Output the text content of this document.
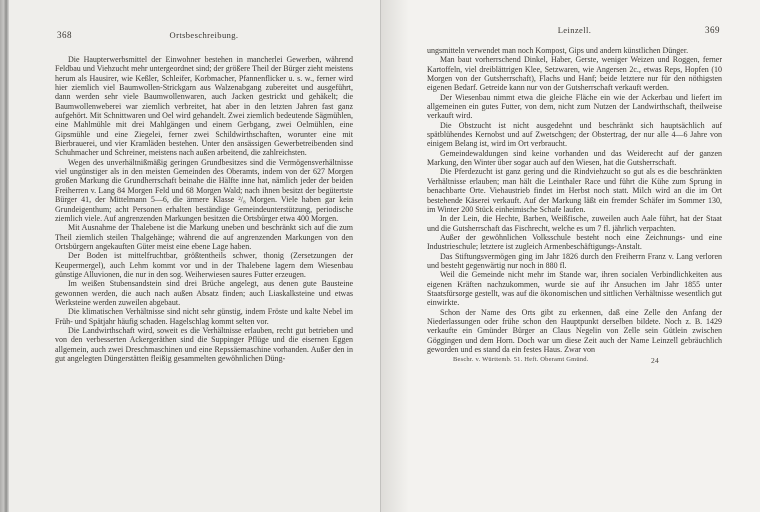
368	Ortsbeschreibung.

Die Haupterwerbsmittel der Einwohner bestehen in mancherlei Gewerben, während Feldbau und Viehzucht mehr untergeordnet sind; der größere Theil der Bürger zieht meistens herum als Hausirer, wie Keßler, Schleifer, Korbmacher, Pfannenflicker u. s. w., ferner wird hier ziemlich viel Baumwollen-Strickgarn aus Walzenabgang zubereitet und ausgeführt, dann werden sehr viele Baumwollenwaren, auch Jacken gestrickt und gehäkelt; die Baumwollenweberei war ziemlich verbreitet, hat aber in den letzten Jahren fast ganz aufgehört. Mit Schnittwaren und Oel wird gehandelt. Zwei ziemlich bedeutende Sägmühlen, eine Mahlmühle mit drei Mahlgängen und einem Gerbgang, zwei Oelmühlen, eine Gipsmühle und eine Ziegelei, ferner zwei Schildwirthschaften, worunter eine mit Bierbrauerei, und vier Kramläden bestehen. Unter den ansässigen Gewerbetreibenden sind Schuhmacher und Schreiner, meistens nach außen arbeitend, die zahlreichsten.

Wegen des unverhältnißmäßig geringen Grundbesitzes sind die Vermögensverhältnisse viel ungünstiger als in den meisten Gemeinden des Oberamts, indem von der 627 Morgen großen Markung die Grundherrschaft beinahe die Hälfte inne hat, nämlich jeder der beiden Freiherren v. Lang 84 Morgen Feld und 68 Morgen Wald; nach ihnen besitzt der begütertste Bürger 41, der Mittelmann 5—6, die ärmere Klasse ²/₈ Morgen. Viele haben gar kein Grundeigenthum; acht Personen erhalten beständige Gemeindeunterstützung, periodische ziemlich viele. Auf angrenzenden Markungen besitzen die Ortsbürger etwa 400 Morgen.

Mit Ausnahme der Thalebene ist die Markung uneben und beschränkt sich auf die zum Theil ziemlich steilen Thalgehänge; während die auf angrenzenden Markungen von den Ortsbürgern angekauften Güter meist eine ebene Lage haben.

Der Boden ist mittelfruchtbar, größtentheils schwer, thonig (Zersetzungen der Keupermergel), auch Lehm kommt vor und in der Thalebene lagern dem Wiesenbau günstige Alluvionen, die nur in den sog. Weiherwiesen saures Futter erzeugen.

Im weißen Stubensandstein sind drei Brüche angelegt, aus denen gute Bausteine gewonnen werden, die auch nach außen Absatz finden; auch Liaskalksteine und etwas Werksteine werden zuweilen abgebaut.

Die klimatischen Verhältnisse sind nicht sehr günstig, indem Fröste und kalte Nebel im Früh- und Spätjahr häufig schaden. Hagelschlag kommt selten vor.

Die Landwirthschaft wird, soweit es die Verhältnisse erlauben, recht gut betrieben und von den verbesserten Ackergeräthen sind die Suppinger Pflüge und die eisernen Eggen allgemein, auch zwei Dreschmaschinen und eine Repssäemaschine vorhanden. Außer den in gut angelegten Düngerstätten fleißig gesammelten gewöhnlichen Düng-

Leinzell.	369

ungsmitteln verwendet man noch Kompost, Gips und andern künstlichen Dünger.

Man baut vorherrschend Dinkel, Haber, Gerste, weniger Weizen und Roggen, ferner Kartoffeln, viel dreiblättrigen Klee, Setzwaren, wie Angersen 2c., etwas Reps, Hopfen (10 Morgen von der Gutsherrschaft), Flachs und Hanf; beide letztere nur für den nöthigsten eigenen Bedarf. Getreide kann nur von der Gutsherrschaft verkauft werden.

Der Wiesenbau nimmt etwa die gleiche Fläche ein wie der Ackerbau und liefert im allgemeinen ein gutes Futter, von dem, nicht zum Nutzen der Landwirthschaft, theilweise verkauft wird.

Die Obstzucht ist nicht ausgedehnt und beschränkt sich hauptsächlich auf spätblühendes Kernobst und auf Zwetschgen; der Obstertrag, der nur alle 4—6 Jahre von einigem Belang ist, wird im Ort verbraucht.

Gemeindewaldungen sind keine vorhanden und das Weiderecht auf der ganzen Markung, den Winter über sogar auch auf den Wiesen, hat die Gutsherrschaft.

Die Pferdezucht ist ganz gering und die Rindviehzucht so gut als es die beschränkten Verhältnisse erlauben; man hält die Leinthaler Race und führt die Kühe zum Sprung in benachbarte Orte. Viehaustrieb findet im Herbst noch statt. Milch wird an die im Ort bestehende Käserei verkauft. Auf der Markung läßt ein fremder Schäfer im Sommer 130, im Winter 200 Stück einheimische Schafe laufen.

In der Lein, die Hechte, Barben, Weißfische, zuweilen auch Aale führt, hat der Staat und die Gutsherrschaft das Fischrecht, welche es um 7 fl. jährlich verpachten.

Außer der gewöhnlichen Volksschule besteht noch eine Zeichnungs- und eine Industrieschule; letztere ist zugleich Armenbeschäftigungs-Anstalt.

Das Stiftungsvermögen ging im Jahr 1826 durch den Freiherrn Franz v. Lang verloren und besteht gegenwärtig nur noch in 880 fl.

Weil die Gemeinde nicht mehr im Stande war, ihren socialen Verbindlichkeiten aus eigenen Kräften nachzukommen, wurde sie auf ihr Ansuchen im Jahr 1855 unter Staatsfürsorge gestellt, was auf die ökonomischen und sittlichen Verhältnisse wesentlich gut einwirkte.

Schon der Name des Orts gibt zu erkennen, daß eine Zelle den Anfang der Niederlassungen oder frühe schon den Hauptpunkt derselben bildete. Noch z. B. 1429 verkaufte ein Gmünder Bürger an Claus Negelin von Zelle sein Gütlein zwischen Göggingen und dem Horn. Doch war um diese Zeit auch der Name Leinzell gebräuchlich geworden und es stand da ein festes Haus. Zwar von

Beschr. v. Württemb. 51. Heft. Oberamt Gmünd.	24
